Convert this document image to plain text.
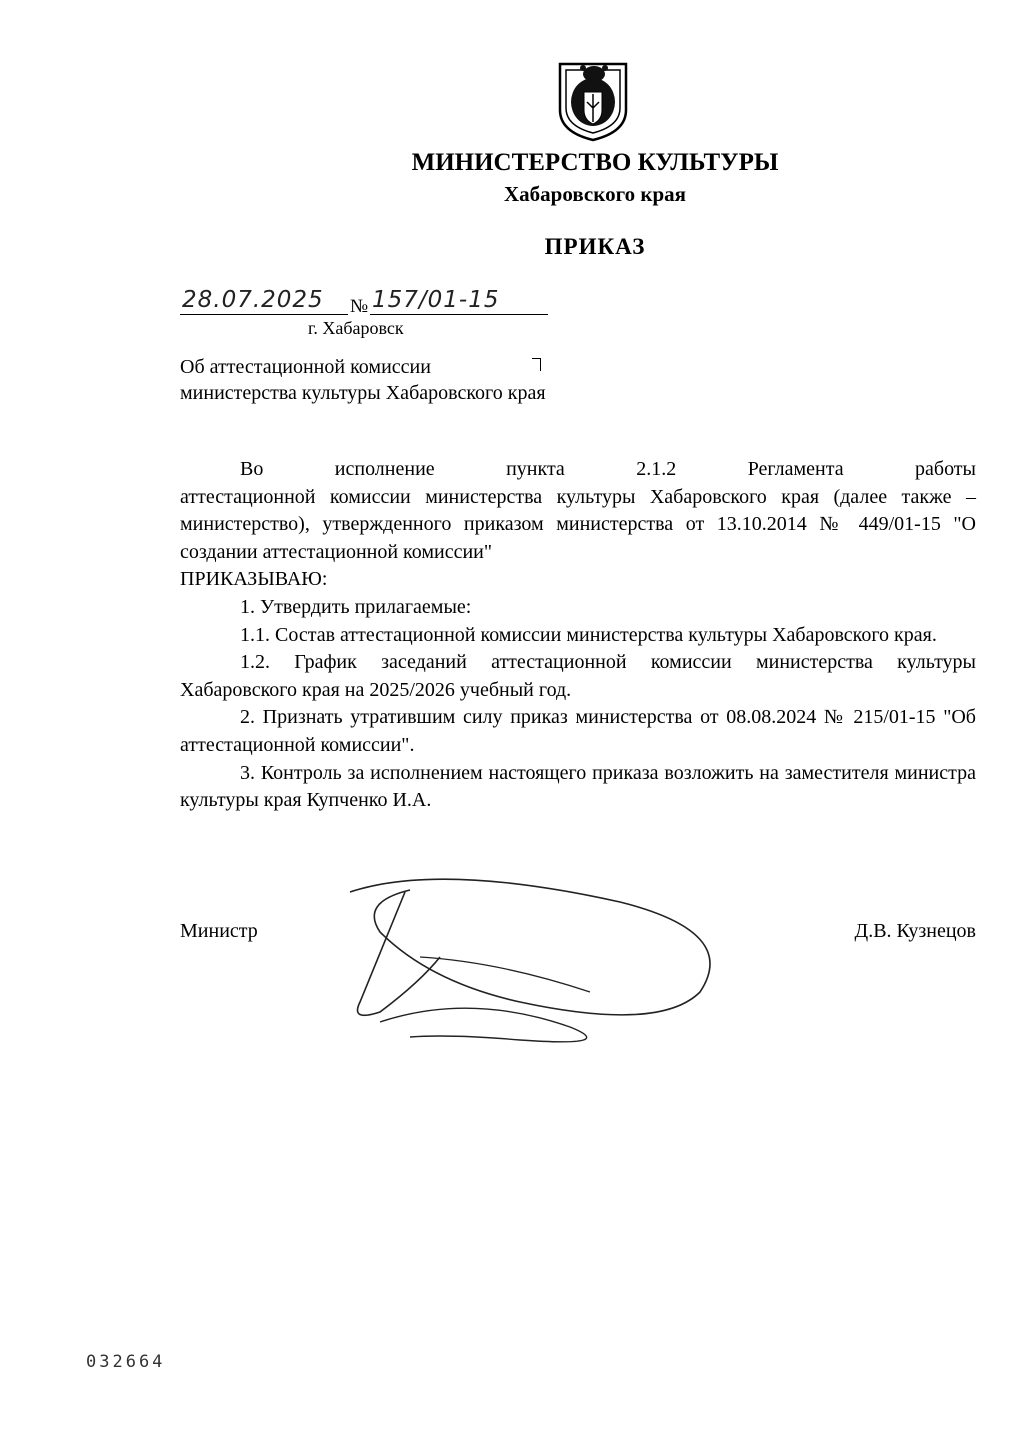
МИНИСТЕРСТВО КУЛЬТУРЫ
Хабаровского края
ПРИКАЗ
28.07.2025 № 157/01-15
г. Хабаровск
Об аттестационной комиссии
министерства культуры Хабаровского края

Во исполнение пункта 2.1.2 Регламента работы

аттестационной комиссии министерства культуры Хабаровского края (далее также – министерство), утвержденного приказом министерства от 13.10.2014 № 449/01-15 "О создании аттестационной комиссии"

ПРИКАЗЫВАЮ:

1. Утвердить прилагаемые:

1.1. Состав аттестационной комиссии министерства культуры Хабаровского края.

1.2. График заседаний аттестационной комиссии министерства культуры Хабаровского края на 2025/2026 учебный год.

2. Признать утратившим силу приказ министерства от 08.08.2024 № 215/01-15 "Об аттестационной комиссии".

3. Контроль за исполнением настоящего приказа возложить на заместителя министра культуры края Купченко И.А.

Министр	Д.В. Кузнецов
032664
